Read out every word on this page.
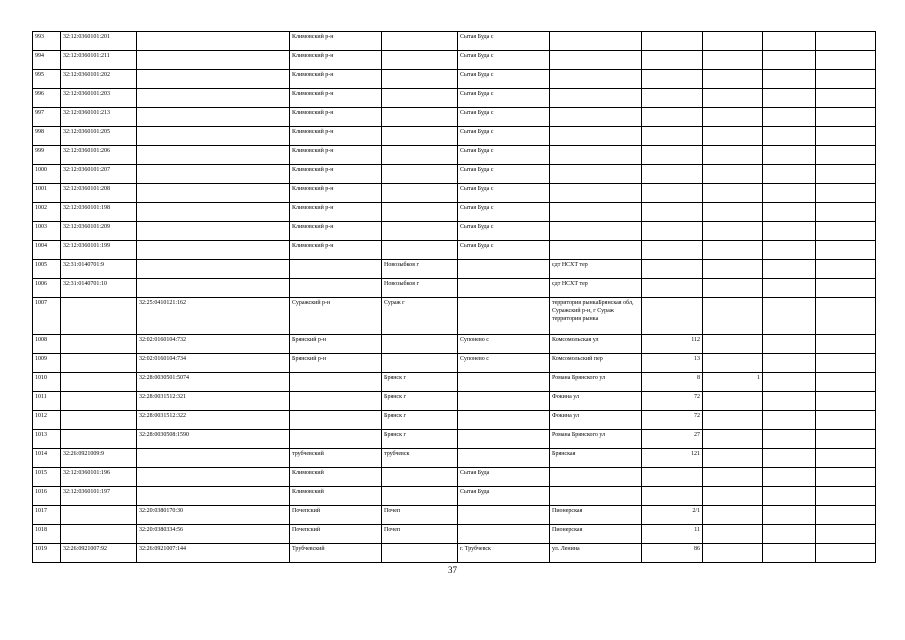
993	32:12:0360101:201		Климовский р-н		Сытая Буда с					
994	32:12:0360101:211		Климовский р-н		Сытая Буда с					
995	32:12:0360101:202		Климовский р-н		Сытая Буда с					
996	32:12:0360101:203		Климовский р-н		Сытая Буда с					
997	32:12:0360101:213		Климовский р-н		Сытая Буда с					
998	32:12:0360101:205		Климовский р-н		Сытая Буда с					
999	32:12:0360101:206		Климовский р-н		Сытая Буда с					
1000	32:12:0360101:207		Климовский р-н		Сытая Буда с					
1001	32:12:0360101:208		Климовский р-н		Сытая Буда с					
1002	32:12:0360101:198		Климовский р-н		Сытая Буда с					
1003	32:12:0360101:209		Климовский р-н		Сытая Буда с					
1004	32:12:0360101:199		Климовский р-н		Сытая Буда с					
1005	32:31:0140701:9			Новозыбков г		сдт НСХТ тер				
1006	32:31:0140701:10			Новозыбков г		сдт НСХТ тер				
1007		32:25:0410121:162	Суражский р-н	Сураж г		территория рынкаБрянская обл, Суражский р-н, г Сураж территория рынка				
1008		32:02:0160104:732	Брянский р-н		Супонево с	Комсомольская ул	112			
1009		32:02:0160104:734	Брянский р-н		Супонево с	Комсомольский пер	13			
1010		32:28:0030501:5074		Брянск г		Романа Брянского ул	8	1		
1011		32:28:0031512:321		Брянск г		Фокина ул	72			
1012		32:28:0031512:322		Брянск г		Фокина ул	72			
1013		32:28:0030508:1590		Брянск г		Романа Брянского ул	27			
1014	32:26:0921009:9		трубчевский	трубчевск		Брянская	121			
1015	32:12:0360101:196		Климовский		Сытая Буда					
1016	32:12:0360101:197		Климовский		Сытая Буда					
1017		32:20:0380170:30	Почепский	Почеп		Пионерская	2/1			
1018		32:20:0380334:56	Почепский	Почеп		Пионерская	11			
1019	32:26:0921007:92	32:26:0921007:144	Трубчевский		г. Трубчевск	ул. Ленина	86			
37
